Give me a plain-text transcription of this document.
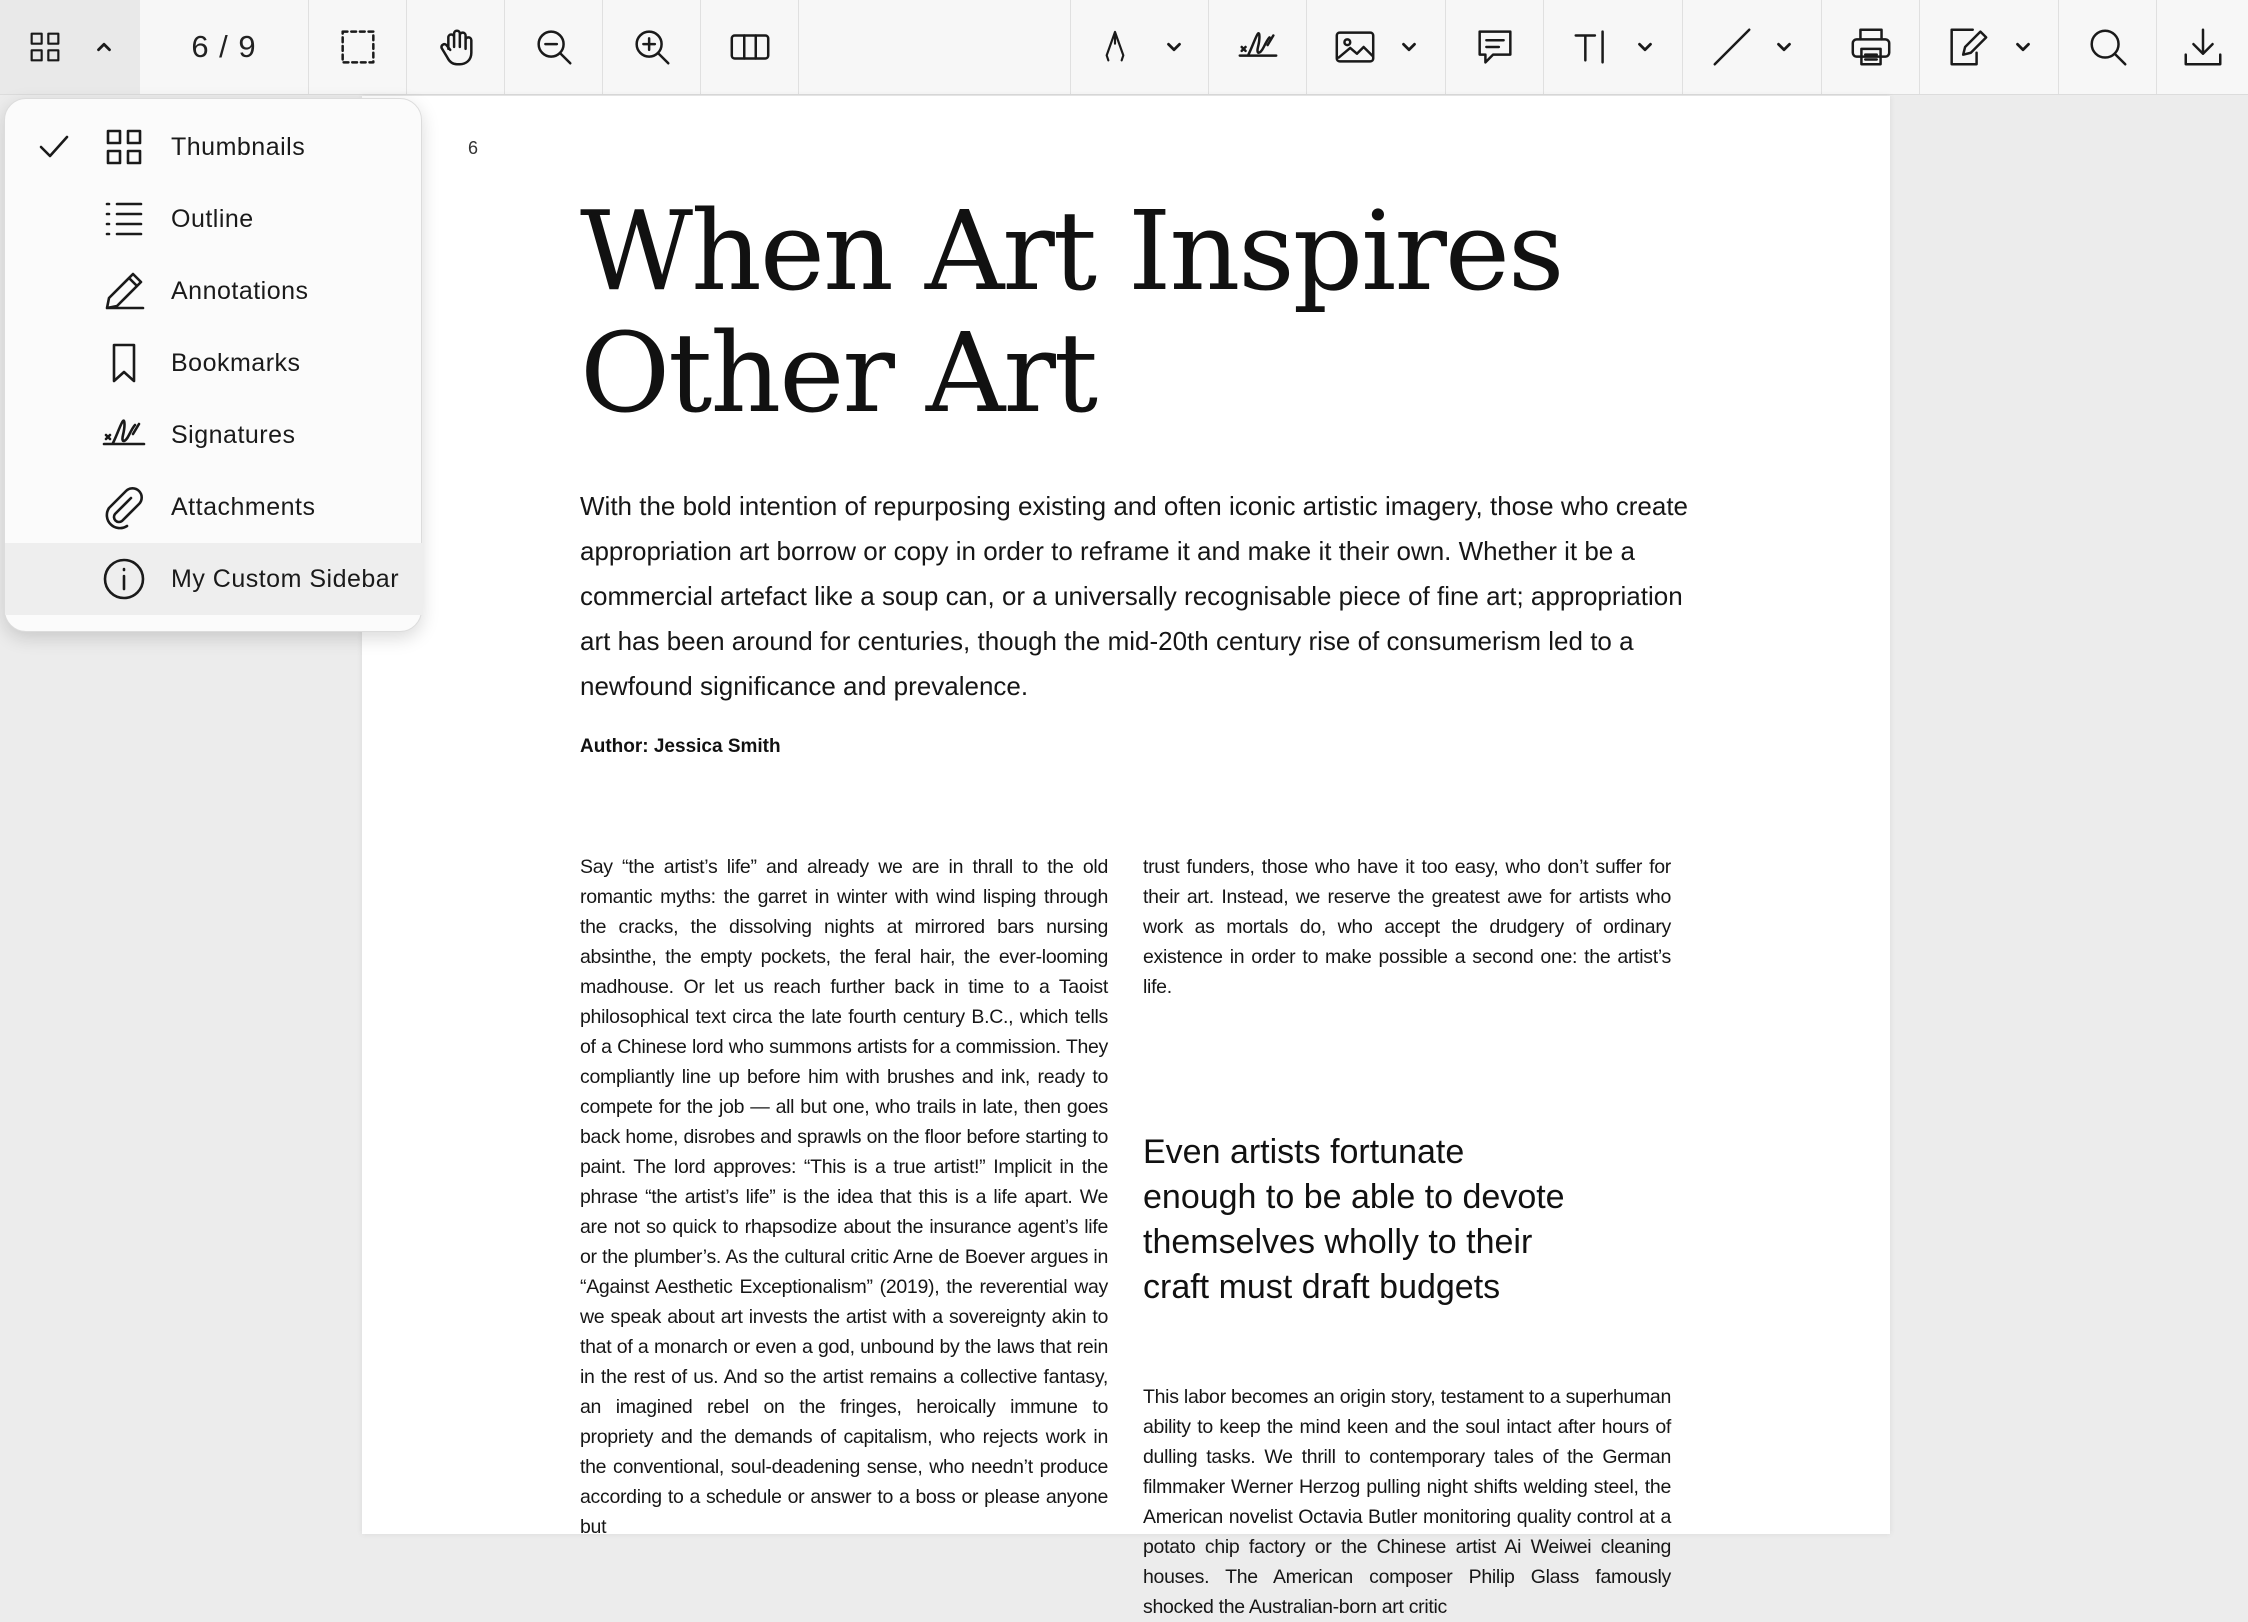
6 / 9
6
When Art Inspires
Other Art

With the bold intention of repurposing existing and often iconic artistic imagery, those who create appropriation art borrow or copy in order to reframe it and make it their own. Whether it be a commercial artefact like a soup can, or a universally recognisable piece of fine art; appropriation art has been around for centuries, though the mid-20th century rise of consumerism led to a newfound significance and prevalence.

Author: Jessica Smith

Say “the artist’s life” and already we are in thrall to the old romantic myths: the garret in winter with wind lisping through the cracks, the dissolving nights at mirrored bars nursing absinthe, the empty pockets, the feral hair, the ever-looming madhouse. Or let us reach further back in time to a Taoist philosophical text circa the late fourth century B.C., which tells of a Chinese lord who summons artists for a commission. They compliantly line up before him with brushes and ink, ready to compete for the job — all but one, who trails in late, then goes back home, disrobes and sprawls on the floor before starting to paint. The lord approves: “This is a true artist!” Implicit in the phrase “the artist’s life” is the idea that this is a life apart. We are not so quick to rhapsodize about the insurance agent’s life or the plumber’s. As the cultural critic Arne de Boever argues in “Against Aesthetic Exceptionalism” (2019), the reverential way we speak about art invests the artist with a sovereignty akin to that of a monarch or even a god, unbound by the laws that rein in the rest of us. And so the artist remains a collective fantasy, an imagined rebel on the fringes, heroically immune to propriety and the demands of capitalism, who rejects work in the conventional, soul-deadening sense, who needn’t produce according to a schedule or answer to a boss or please anyone but

trust funders, those who have it too easy, who don’t suffer for their art. Instead, we reserve the greatest awe for artists who work as mortals do, who accept the drudgery of ordinary existence in order to make possible a second one: the artist’s life.

Even artists fortunate enough to be able to devote themselves wholly to their craft must draft budgets

This labor becomes an origin story, testament to a superhuman ability to keep the mind keen and the soul intact after hours of dulling tasks. We thrill to contemporary tales of the German filmmaker Werner Herzog pulling night shifts welding steel, the American novelist Octavia Butler monitoring quality control at a potato chip factory or the Chinese artist Ai Weiwei cleaning houses. The American composer Philip Glass famously shocked the Australian-born art critic

Thumbnails
Outline
Annotations
Bookmarks
Signatures
Attachments
My Custom Sidebar
